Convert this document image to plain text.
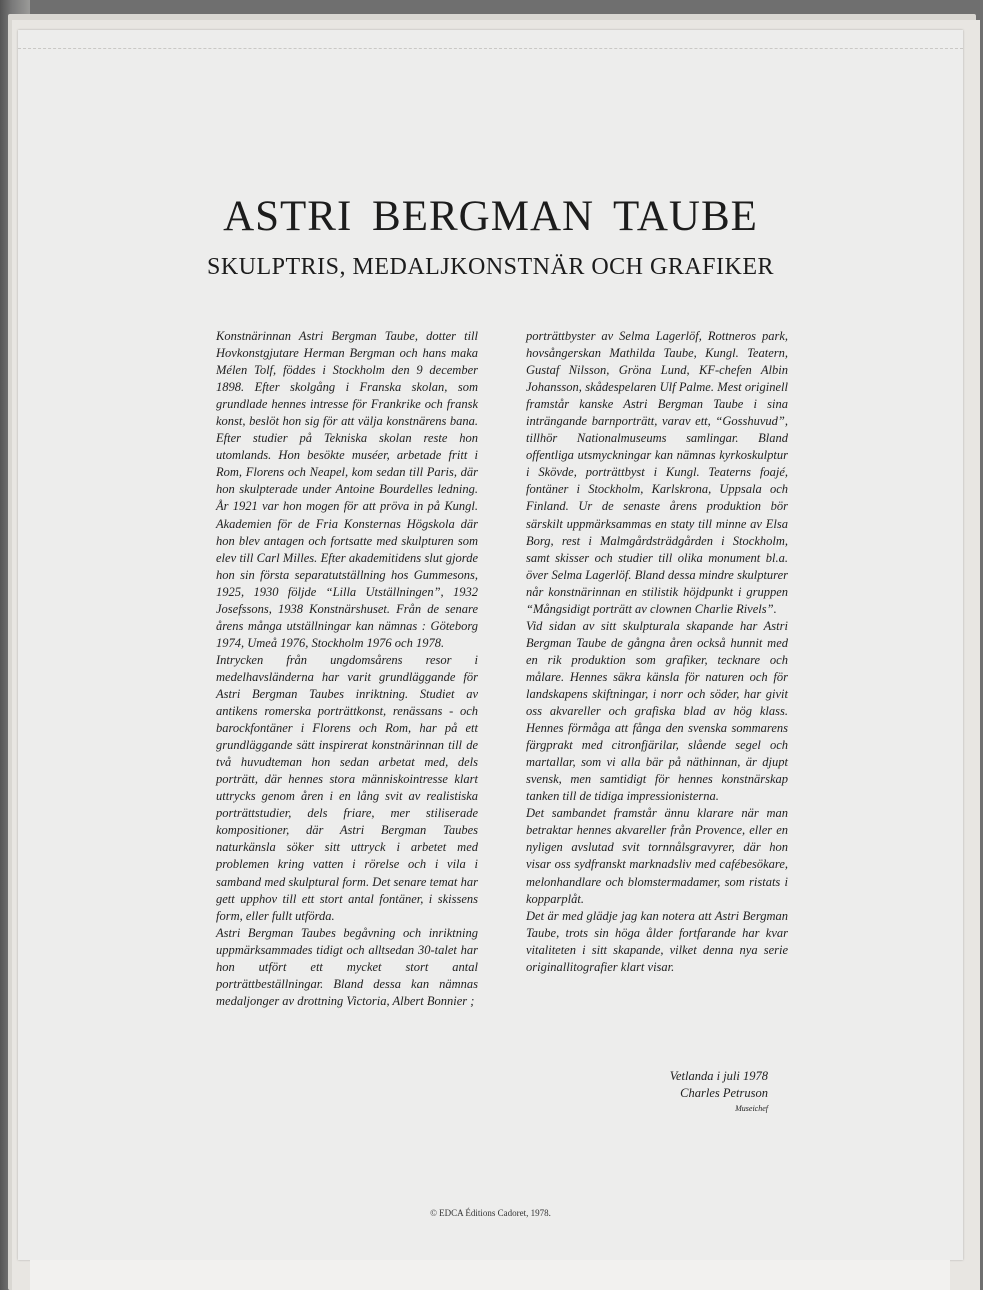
ASTRI BERGMAN TAUBE
SKULPTRIS, MEDALJKONSTNÄR OCH GRAFIKER

Konstnärinnan Astri Bergman Taube, dotter till Hovkonstgjutare Herman Bergman och hans maka Mélen Tolf, föddes i Stockholm den 9 december 1898. Efter skolgång i Franska skolan, som grundlade hennes intresse för Frankrike och fransk konst, beslöt hon sig för att välja konstnärens bana. Efter studier på Tekniska skolan reste hon utomlands. Hon besökte muséer, arbetade fritt i Rom, Florens och Neapel, kom sedan till Paris, där hon skulpterade under Antoine Bourdelles ledning. År 1921 var hon mogen för att pröva in på Kungl. Akademien för de Fria Konsternas Högskola där hon blev antagen och fortsatte med skulpturen som elev till Carl Milles. Efter akademitidens slut gjorde hon sin första separatutställning hos Gummesons, 1925, 1930 följde “Lilla Utställningen”, 1932 Josefssons, 1938 Konstnärshuset. Från de senare årens många utställningar kan nämnas : Göteborg 1974, Umeå 1976, Stockholm 1976 och 1978.

Intrycken från ungdomsårens resor i medelhavsländerna har varit grundläggande för Astri Bergman Taubes inriktning. Studiet av antikens romerska porträttkonst, renässans - och barockfontäner i Florens och Rom, har på ett grundläggande sätt inspirerat konstnärinnan till de två huvudteman hon sedan arbetat med, dels porträtt, där hennes stora människointresse klart uttrycks genom åren i en lång svit av realistiska porträttstudier, dels friare, mer stiliserade kompositioner, där Astri Bergman Taubes naturkänsla söker sitt uttryck i arbetet med problemen kring vatten i rörelse och i vila i samband med skulptural form. Det senare temat har gett upphov till ett stort antal fontäner, i skissens form, eller fullt utförda.

Astri Bergman Taubes begåvning och inriktning uppmärksammades tidigt och alltsedan 30-talet har hon utfört ett mycket stort antal porträttbeställningar. Bland dessa kan nämnas medaljonger av drottning Victoria, Albert Bonnier ;

porträttbyster av Selma Lagerlöf, Rottneros park, hovsångerskan Mathilda Taube, Kungl. Teatern, Gustaf Nilsson, Gröna Lund, KF-chefen Albin Johansson, skådespelaren Ulf Palme. Mest originell framstår kanske Astri Bergman Taube i sina inträngande barnporträtt, varav ett, “Gosshuvud”, tillhör Nationalmuseums samlingar. Bland offentliga utsmyckningar kan nämnas kyrkoskulptur i Skövde, porträttbyst i Kungl. Teaterns foajé, fontäner i Stockholm, Karlskrona, Uppsala och Finland. Ur de senaste årens produktion bör särskilt uppmärksammas en staty till minne av Elsa Borg, rest i Malmgårdsträdgården i Stockholm, samt skisser och studier till olika monument bl.a. över Selma Lagerlöf. Bland dessa mindre skulpturer når konstnärinnan en stilistik höjdpunkt i gruppen “Mångsidigt porträtt av clownen Charlie Rivels”.

Vid sidan av sitt skulpturala skapande har Astri Bergman Taube de gångna åren också hunnit med en rik produktion som grafiker, tecknare och målare. Hennes säkra känsla för naturen och för landskapens skiftningar, i norr och söder, har givit oss akvareller och grafiska blad av hög klass. Hennes förmåga att fånga den svenska sommarens färgprakt med citronfjärilar, slående segel och martallar, som vi alla bär på näthinnan, är djupt svensk, men samtidigt för hennes konstnärskap tanken till de tidiga impressionisterna.

Det sambandet framstår ännu klarare när man betraktar hennes akvareller från Provence, eller en nyligen avslutad svit tornnålsgravyrer, där hon visar oss sydfranskt marknadsliv med cafébesökare, melonhandlare och blomstermadamer, som ristats i kopparplåt.

Det är med glädje jag kan notera att Astri Bergman Taube, trots sin höga ålder fortfarande har kvar vitaliteten i sitt skapande, vilket denna nya serie originallitografier klart visar.

Vetlanda i juli 1978
Charles Petruson
Museichef
© EDCA Éditions Cadoret, 1978.
